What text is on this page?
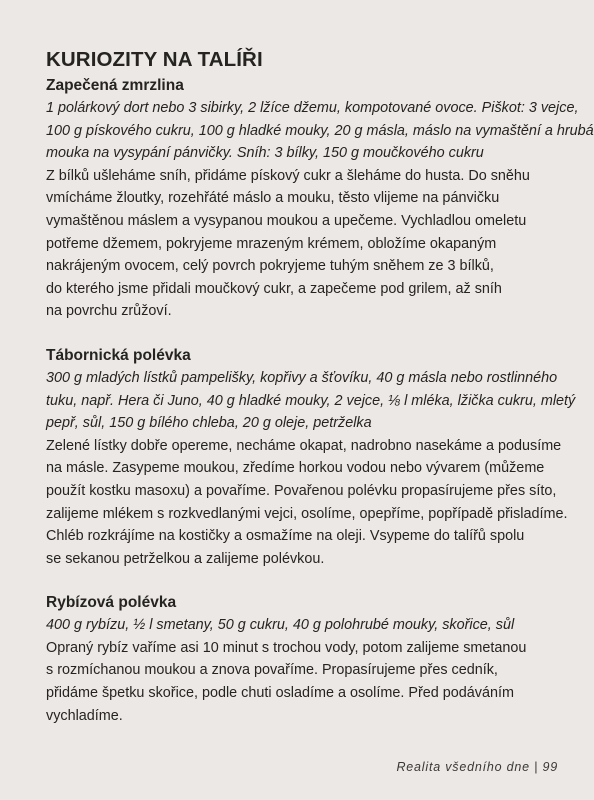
KURIOZITY NA TALÍŘI
Zapečená zmrzlina

1 polárkový dort nebo 3 sibirky, 2 lžíce džemu, kompotované ovoce. Piškot: 3 vejce,
100 g pískového cukru, 100 g hladké mouky, 20 g másla, máslo na vymaštění a hrubá
mouka na vysypání pánvičky. Sníh: 3 bílky, 150 g moučkového cukru

Z bílků ušleháme sníh, přidáme pískový cukr a šleháme do husta. Do sněhu
vmícháme žloutky, rozehřáté máslo a mouku, těsto vlijeme na pánvičku
vymaštěnou máslem a vysypanou moukou a upečeme. Vychladlou omeletu
potřeme džemem, pokryjeme mrazeným krémem, obložíme okapaným
nakrájeným ovocem, celý povrch pokryjeme tuhým sněhem ze 3 bílků,
do kterého jsme přidali moučkový cukr, a zapečeme pod grilem, až sníh
na povrchu zrůžoví.

Tábornická polévka

300 g mladých lístků pampelišky, kopřivy a šťovíku, 40 g másla nebo rostlinného
tuku, např. Hera či Juno, 40 g hladké mouky, 2 vejce, ⅛ l mléka, lžička cukru, mletý
pepř, sůl, 150 g bílého chleba, 20 g oleje, petrželka

Zelené lístky dobře opereme, necháme okapat, nadrobno nasekáme a podusíme
na másle. Zasypeme moukou, zředíme horkou vodou nebo vývarem (můžeme
použít kostku masoxu) a povaříme. Povařenou polévku propasírujeme přes síto,
zalijeme mlékem s rozkvedlanými vejci, osolíme, opepříme, popřípadě přisladíme.
Chléb rozkrájíme na kostičky a osmažíme na oleji. Vsypeme do talířů spolu
se sekanou petrželkou a zalijeme polévkou.

Rybízová polévka

400 g rybízu, ½ l smetany, 50 g cukru, 40 g polohrubé mouky, skořice, sůl

Opraný rybíz vaříme asi 10 minut s trochou vody, potom zalijeme smetanou
s rozmíchanou moukou a znova povaříme. Propasírujeme přes cedník,
přidáme špetku skořice, podle chuti osladíme a osolíme. Před podáváním
vychladíme.

Realita všedního dne | 99
